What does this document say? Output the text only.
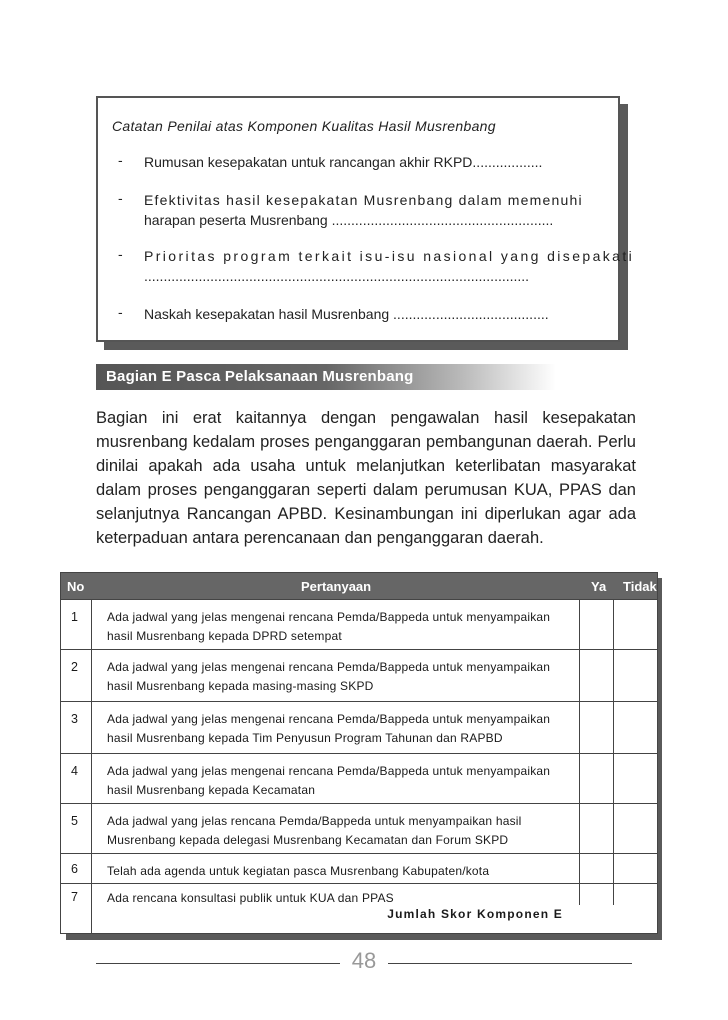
Catatan Penilai atas Komponen Kualitas Hasil Musrenbang
- Rumusan kesepakatan untuk rancangan akhir RKPD..................
- Efektivitas hasil kesepakatan Musrenbang dalam memenuhi
harapan peserta Musrenbang .........................................................
- Prioritas program terkait isu-isu nasional yang disepakati
...................................................................................................
- Naskah kesepakatan hasil Musrenbang ........................................
Bagian E Pasca Pelaksanaan Musrenbang
Bagian ini erat kaitannya dengan pengawalan hasil kesepakatan
musrenbang kedalam proses penganggaran pembangunan daerah. Perlu
dinilai apakah ada usaha untuk melanjutkan keterlibatan masyarakat
dalam proses penganggaran seperti dalam perumusan KUA, PPAS dan
selanjutnya Rancangan APBD. Kesinambungan ini diperlukan agar ada
keterpaduan antara perencanaan dan penganggaran daerah.
No	Pertanyaan	Ya Tidak
1 Ada jadwal yang jelas mengenai rencana Pemda/Bappeda untuk menyampaikan
hasil Musrenbang kepada DPRD setempat
2 Ada jadwal yang jelas mengenai rencana Pemda/Bappeda untuk menyampaikan
hasil Musrenbang kepada masing-masing SKPD
3 Ada jadwal yang jelas mengenai rencana Pemda/Bappeda untuk menyampaikan
hasil Musrenbang kepada Tim Penyusun Program Tahunan dan RAPBD
4 Ada jadwal yang jelas mengenai rencana Pemda/Bappeda untuk menyampaikan
hasil Musrenbang kepada Kecamatan
5 Ada jadwal yang jelas rencana Pemda/Bappeda untuk menyampaikan hasil
Musrenbang kepada delegasi Musrenbang Kecamatan dan Forum SKPD
6 Telah ada agenda untuk kegiatan pasca Musrenbang Kabupaten/kota
7 Ada rencana konsultasi publik untuk KUA dan PPAS
Jumlah Skor Komponen E
48
